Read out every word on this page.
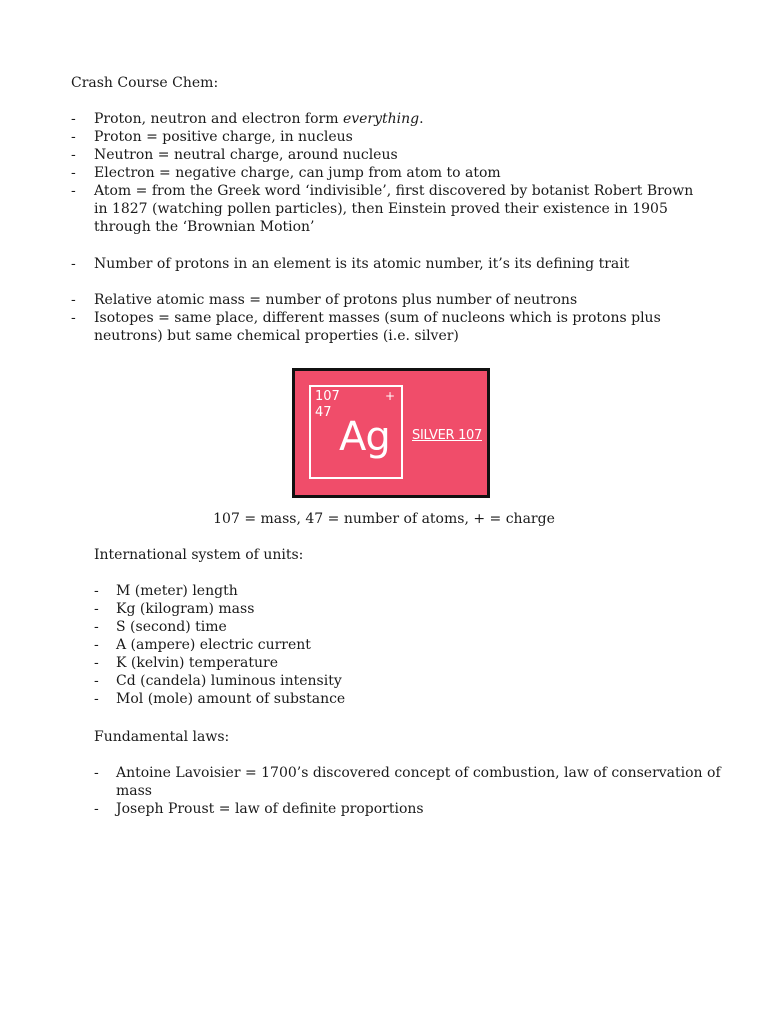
Crash Course Chem:
- Proton, neutron and electron form everything.
- Proton = positive charge, in nucleus
- Neutron = neutral charge, around nucleus
- Electron = negative charge, can jump from atom to atom
- Atom = from the Greek word ‘indivisible’, first discovered by botanist Robert Brown in 1827 (watching pollen particles), then Einstein proved their existence in 1905 through the ‘Brownian Motion’
- Number of protons in an element is its atomic number, it’s its defining trait
- Relative atomic mass = number of protons plus number of neutrons
- Isotopes = same place, different masses (sum of nucleons which is protons plus neutrons) but same chemical properties (i.e. silver)
107
47
+
Ag SILVER 107
107 = mass, 47 = number of atoms, + = charge
International system of units:
- M (meter) length
- Kg (kilogram) mass
- S (second) time
- A (ampere) electric current
- K (kelvin) temperature
- Cd (candela) luminous intensity
- Mol (mole) amount of substance
Fundamental laws:
- Antoine Lavoisier = 1700’s discovered concept of combustion, law of conservation of mass
- Joseph Proust = law of definite proportions
